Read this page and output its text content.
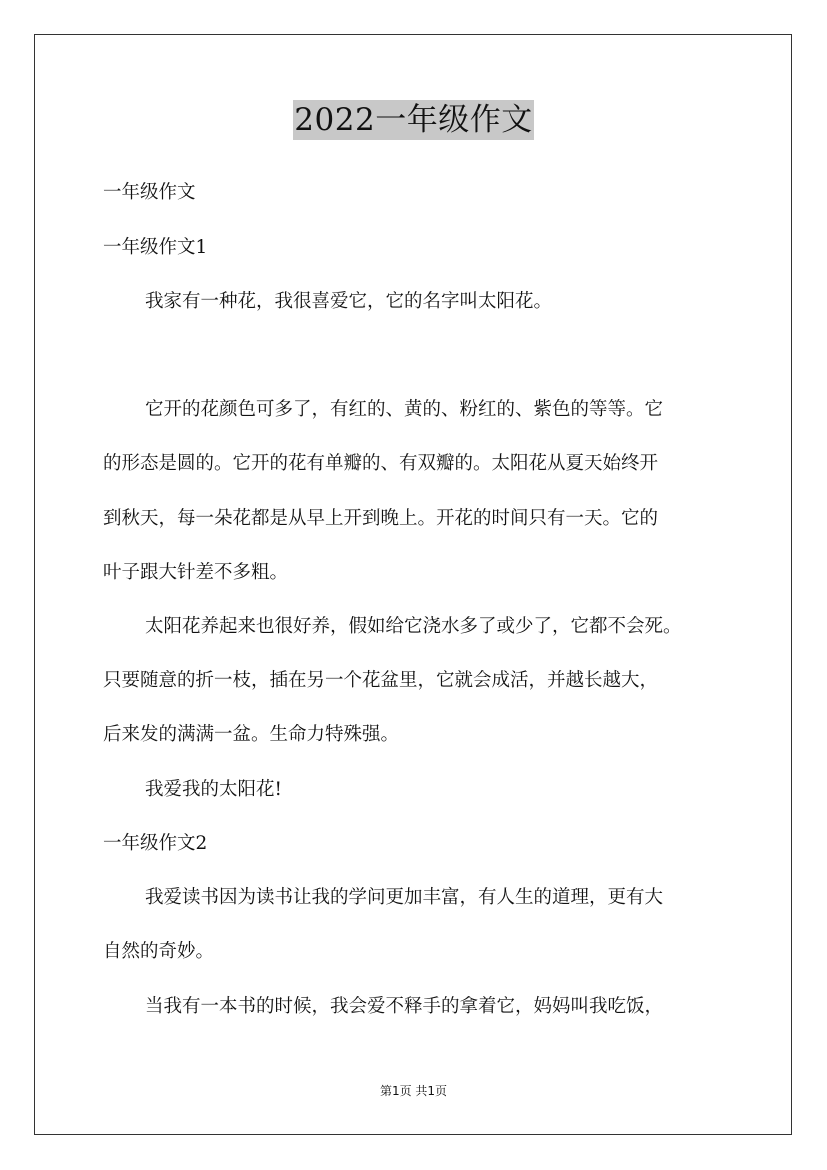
2022一年级作文
一年级作文
一年级作文1
我家有一种花，我很喜爱它，它的名字叫太阳花。
它开的花颜色可多了，有红的、黄的、粉红的、紫色的等等。它
的形态是圆的。它开的花有单瓣的、有双瓣的。太阳花从夏天始终开
到秋天，每一朵花都是从早上开到晚上。开花的时间只有一天。它的
叶子跟大针差不多粗。
太阳花养起来也很好养，假如给它浇水多了或少了，它都不会死。
只要随意的折一枝，插在另一个花盆里，它就会成活，并越长越大，
后来发的满满一盆。生命力特殊强。
我爱我的太阳花!
一年级作文2
我爱读书因为读书让我的学问更加丰富，有人生的道理，更有大
自然的奇妙。
当我有一本书的时候，我会爱不释手的拿着它，妈妈叫我吃饭，
第1页 共1页
